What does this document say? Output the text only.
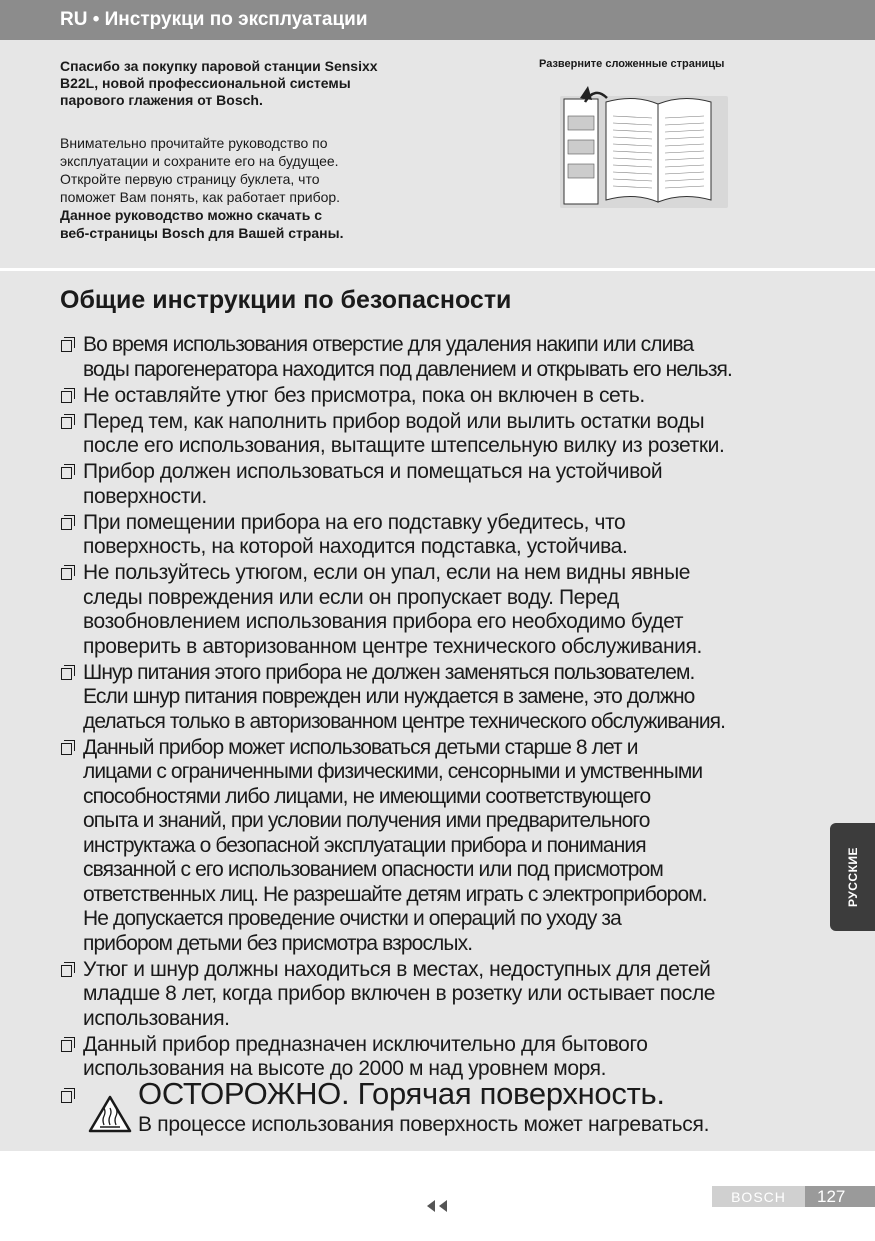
RU • Инструкци по эксплуатации
Спасибо за покупку паровой станции Sensixx
B22L, новой профессиональной системы
парового глажения от Bosch.
Внимательно прочитайте руководство по
эксплуатации и сохраните его на будущее.
Откройте первую страницу буклета, что
поможет Вам понять, как работает прибор.
Данное руководство можно скачать с
веб-страницы Bosch для Вашей страны.
Разверните сложенные страницы
Общие инструкции по безопасности
Во время использования отверстие для удаления накипи или слива
воды парогенератора находится под давлением и открывать его нельзя.
Не оставляйте утюг без присмотра, пока он включен в сеть.
Перед тем, как наполнить прибор водой или вылить остатки воды
после его использования, вытащите штепсельную вилку из розетки.
Прибор должен использоваться и помещаться на устойчивой
поверхности.
При помещении прибора на его подставку убедитесь, что
поверхность, на которой находится подставка, устойчива.
Не пользуйтесь утюгом, если он упал, если на нем видны явные
следы повреждения или если он пропускает воду. Перед
возобновлением использования прибора его необходимо будет
проверить в авторизованном центре технического обслуживания.
Шнур питания этого прибора не должен заменяться пользователем.
Если шнур питания поврежден или нуждается в замене, это должно
делаться только в авторизованном центре технического обслуживания.
Данный прибор может использоваться детьми старше 8 лет и
лицами с ограниченными физическими, сенсорными и умственными
способностями либо лицами, не имеющими соответствующего
опыта и знаний, при условии получения ими предварительного
инструктажа о безопасной эксплуатации прибора и понимания
связанной с его использованием опасности или под присмотром
ответственных лиц. Не разрешайте детям играть с электроприбором.
Не допускается проведение очистки и операций по уходу за
прибором детьми без присмотра взрослых.
Утюг и шнур должны находиться в местах, недоступных для детей
младше 8 лет, когда прибор включен в розетку или остывает после
использования.
Данный прибор предназначен исключительно для бытового
использования на высоте до 2000 м над уровнем моря.
ОСТОРОЖНО. Горячая поверхность.
В процессе использования поверхность может нагреваться.
РУССКИЕ
BOSCH	127
